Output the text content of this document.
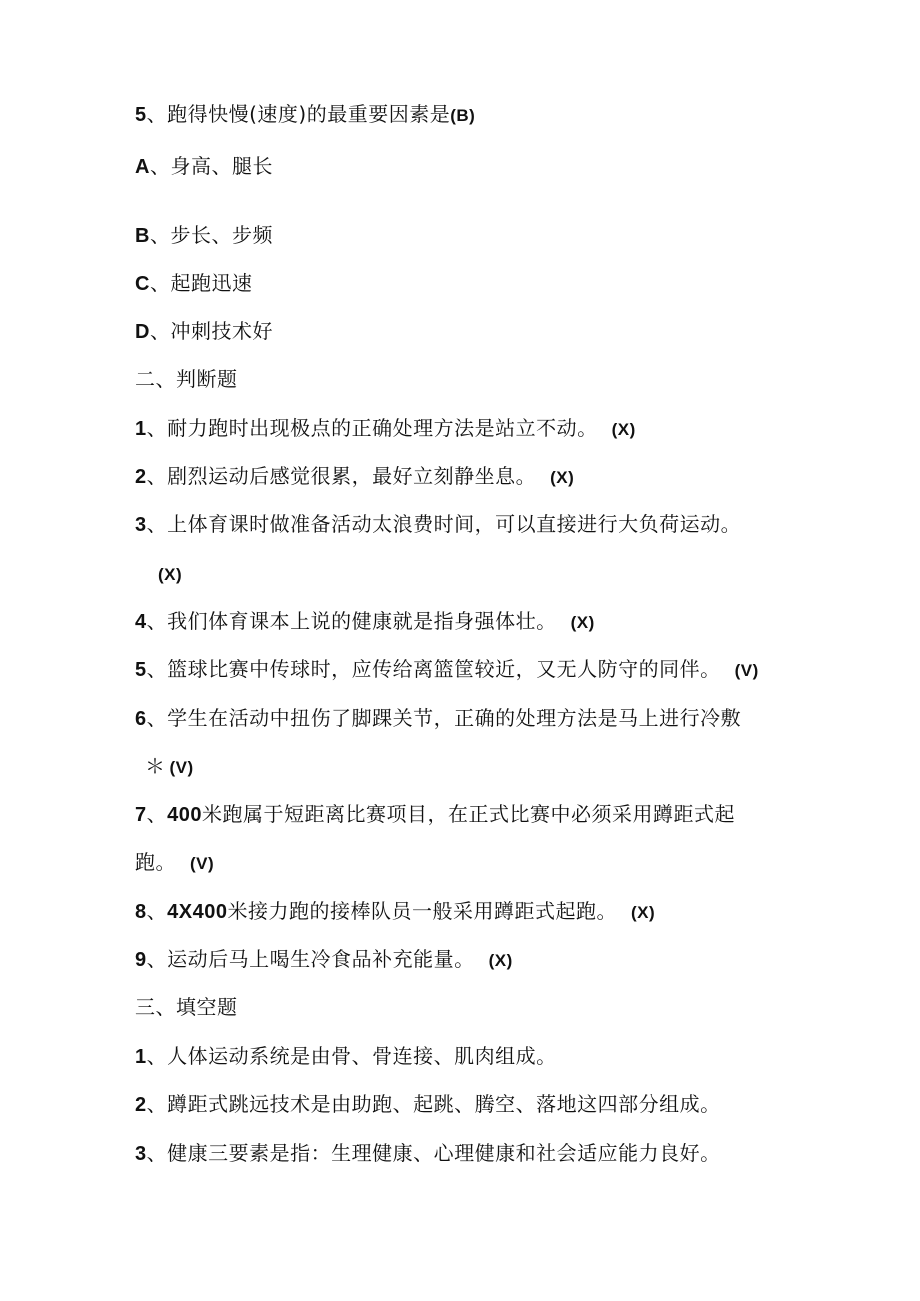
5、跑得快慢(速度)的最重要因素是(B)
A、身高、腿长
B、步长、步频
C、起跑迅速
D、冲刺技术好
二、判断题
1、耐力跑时出现极点的正确处理方法是站立不动。 (X)
2、剧烈运动后感觉很累，最好立刻静坐息。 (X)
3、上体育课时做准备活动太浪费时间，可以直接进行大负荷运动。
(X)
4、我们体育课本上说的健康就是指身强体壮。 (X)
5、篮球比赛中传球时，应传给离篮筐较近，又无人防守的同伴。 (V)
6、学生在活动中扭伤了脚踝关节，正确的处理方法是马上进行冷敷
＊ (V)
7、400米跑属于短距离比赛项目，在正式比赛中必须采用蹲距式起
跑。 (V)
8、4X400米接力跑的接棒队员一般采用蹲距式起跑。 (X)
9、运动后马上喝生冷食品补充能量。 (X)
三、填空题
1、人体运动系统是由骨、骨连接、肌肉组成。
2、蹲距式跳远技术是由助跑、起跳、腾空、落地这四部分组成。
3、健康三要素是指：生理健康、心理健康和社会适应能力良好。
